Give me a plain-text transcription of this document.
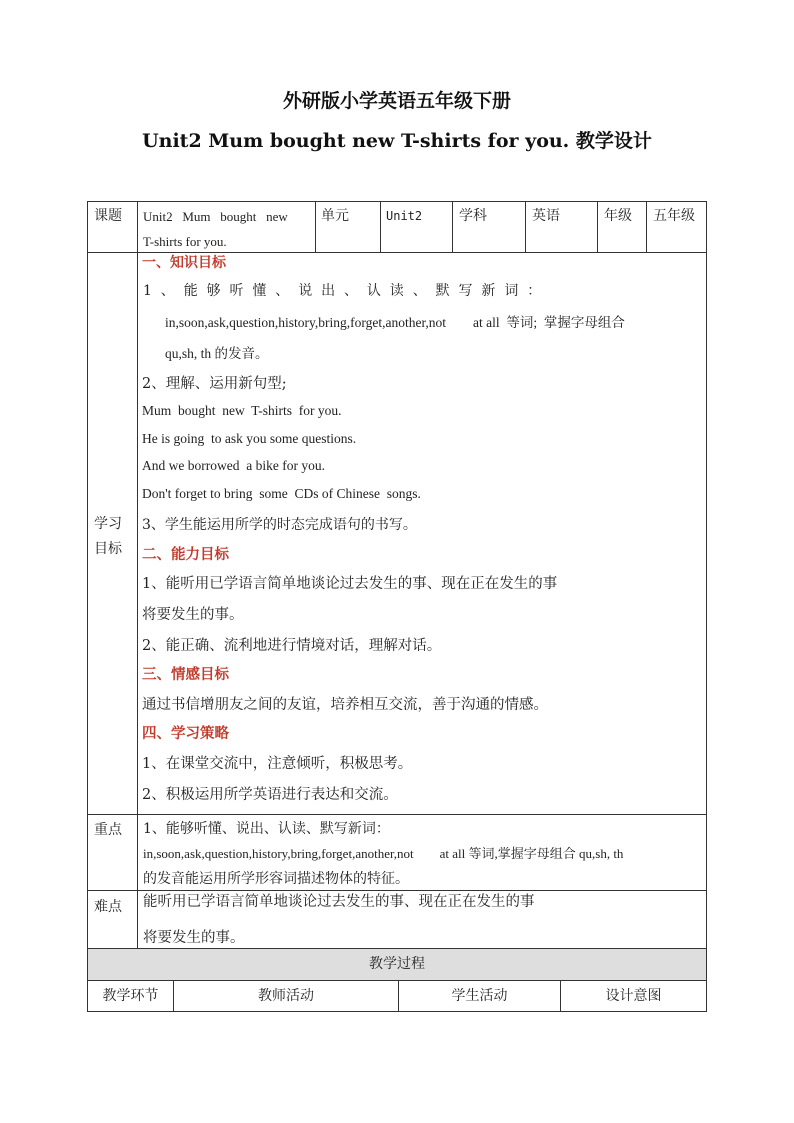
外研版小学英语五年级下册
Unit2 Mum bought new T-shirts for you. 教学设计
课题 Unit2   Mum   bought   new
T-shirts for you.
单元	Unit2	学科	英语	年级 五年级
学习
目标
一、知识目标
1  、  能  够  听  懂  、  说  出  、  认  读  、  默  写  新  词  ：
in,soon,ask,question,history,bring,forget,another,not        at all  等词;  掌握字母组合
qu,sh, th 的发音。
2、理解、运用新句型;
Mum  bought  new  T-shirts  for you.
He is going  to ask you some questions.
And we borrowed  a bike for you.
Don't forget to bring  some  CDs of Chinese  songs.
3、学生能运用所学的时态完成语句的书写。
二、能力目标
1、能听用已学语言简单地谈论过去发生的事、现在正在发生的事
将要发生的事。
2、能正确、流利地进行情境对话，理解对话。
三、情感目标
通过书信增朋友之间的友谊，培养相互交流，善于沟通的情感。
四、学习策略
1、在课堂交流中，注意倾听，积极思考。
2、积极运用所学英语进行表达和交流。
重点 1、能够听懂、说出、认读、默写新词：
in,soon,ask,question,history,bring,forget,another,not        at all 等词,掌握字母组合 qu,sh, th
的发音能运用所学形容词描述物体的特征。
难点 能听用已学语言简单地谈论过去发生的事、现在正在发生的事
将要发生的事。
教学过程
教学环节	教师活动	学生活动	设计意图
